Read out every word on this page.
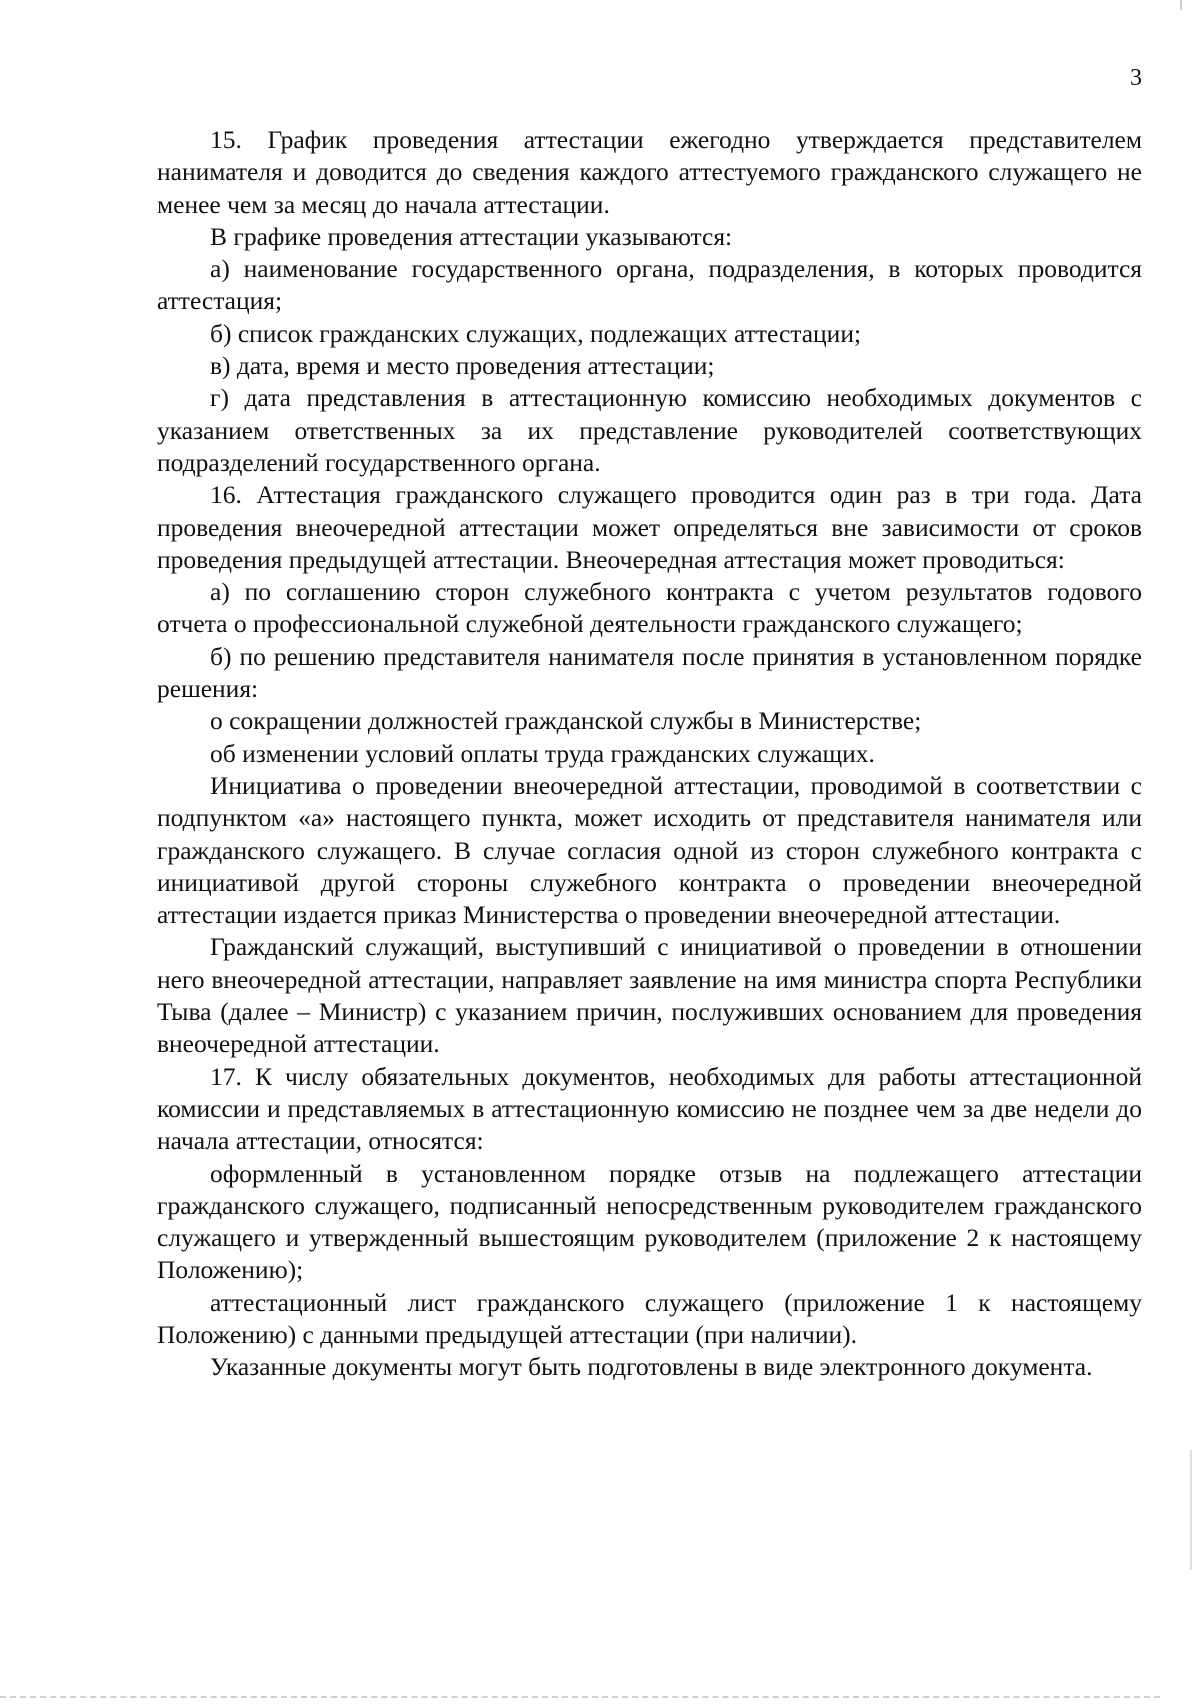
3

15. График проведения аттестации ежегодно утверждается представителем нанимателя и доводится до сведения каждого аттестуемого гражданского служащего не менее чем за месяц до начала аттестации.

В графике проведения аттестации указываются:

а) наименование государственного органа, подразделения, в которых проводится аттестация;

б) список гражданских служащих, подлежащих аттестации;

в) дата, время и место проведения аттестации;

г) дата представления в аттестационную комиссию необходимых документов с указанием ответственных за их представление руководителей соответствующих подразделений государственного органа.

16. Аттестация гражданского служащего проводится один раз в три года. Дата проведения внеочередной аттестации может определяться вне зависимости от сроков проведения предыдущей аттестации. Внеочередная аттестация может проводиться:

а) по соглашению сторон служебного контракта с учетом результатов годового отчета о профессиональной служебной деятельности гражданского служащего;

б) по решению представителя нанимателя после принятия в установленном порядке решения:

о сокращении должностей гражданской службы в Министерстве;

об изменении условий оплаты труда гражданских служащих.

Инициатива о проведении внеочередной аттестации, проводимой в соответствии с подпунктом «а» настоящего пункта, может исходить от представителя нанимателя или гражданского служащего. В случае согласия одной из сторон служебного контракта с инициативой другой стороны служебного контракта о проведении внеочередной аттестации издается приказ Министерства о проведении внеочередной аттестации.

Гражданский служащий, выступивший с инициативой о проведении в отношении него внеочередной аттестации, направляет заявление на имя министра спорта Республики Тыва (далее – Министр) с указанием причин, послуживших основанием для проведения внеочередной аттестации.

17. К числу обязательных документов, необходимых для работы аттестационной комиссии и представляемых в аттестационную комиссию не позднее чем за две недели до начала аттестации, относятся:

оформленный в установленном порядке отзыв на подлежащего аттестации гражданского служащего, подписанный непосредственным руководителем гражданского служащего и утвержденный вышестоящим руководителем (приложение 2 к настоящему Положению);

аттестационный лист гражданского служащего (приложение 1 к настоящему Положению) с данными предыдущей аттестации (при наличии).

Указанные документы могут быть подготовлены в виде электронного документа.
